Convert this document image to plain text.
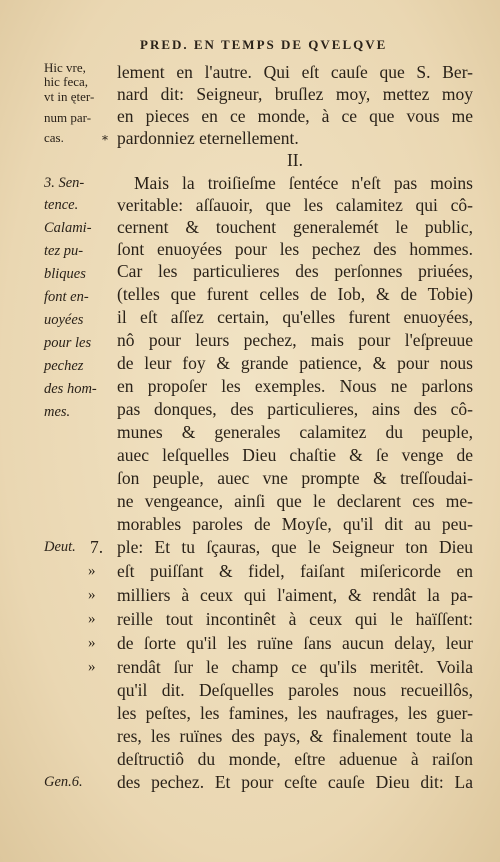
PRED. EN TEMPS DE QVELQVE
Hic vre,
hic feca,
vt in ęter-
num par-
cas.	*
lement en l'autre. Qui eſt cauſe que S. Ber-
nard dit: Seigneur, bruſlez moy, mettez moy
en pieces en ce monde, à ce que vous me
pardonniez eternellement.
II.
3. Sen-
tence.
Calami-
tez pu-
bliques
font en-
uoyées
pour les
pechez
des hom-
mes.
Mais la troiſieſme ſentéce n'eſt pas moins
veritable: aſſauoir, que les calamitez qui cô-
cernent & touchent generalemét le public,
ſont enuoyées pour les pechez des hommes.
Car les particulieres des perſonnes priuées,
(telles que furent celles de Iob, & de Tobie)
il eſt aſſez certain, qu'elles furent enuoyées,
nô pour leurs pechez, mais pour l'eſpreuue
de leur foy & grande patience, & pour nous
en propoſer les exemples. Nous ne parlons
pas donques, des particulieres, ains des cô-
munes & generales calamitez du peuple,
auec leſquelles Dieu chaſtie & ſe venge de
ſon peuple, auec vne prompte & treſſoudai-
ne vengeance, ainſi que le declarent ces me-
morables paroles de Moyſe, qu'il dit au peu-
Deut. 7. ple: Et tu ſçauras, que le Seigneur ton Dieu
» eſt puiſſant & fidel, faiſant miſericorde en
» milliers à ceux qui l'aiment, & rendât la pa-
» reille tout incontinêt à ceux qui le haïſſent:
» de ſorte qu'il les ruïne ſans aucun delay, leur
» rendât ſur le champ ce qu'ils meritêt. Voila
qu'il dit. Deſquelles paroles nous recueillôs,
les peſtes, les famines, les naufrages, les guer-
res, les ruïnes des pays, & finalement toute la
deſtructiô du monde, eſtre aduenue à raiſon
Gen.6.	des pechez. Et pour ceſte cauſe Dieu dit: La
